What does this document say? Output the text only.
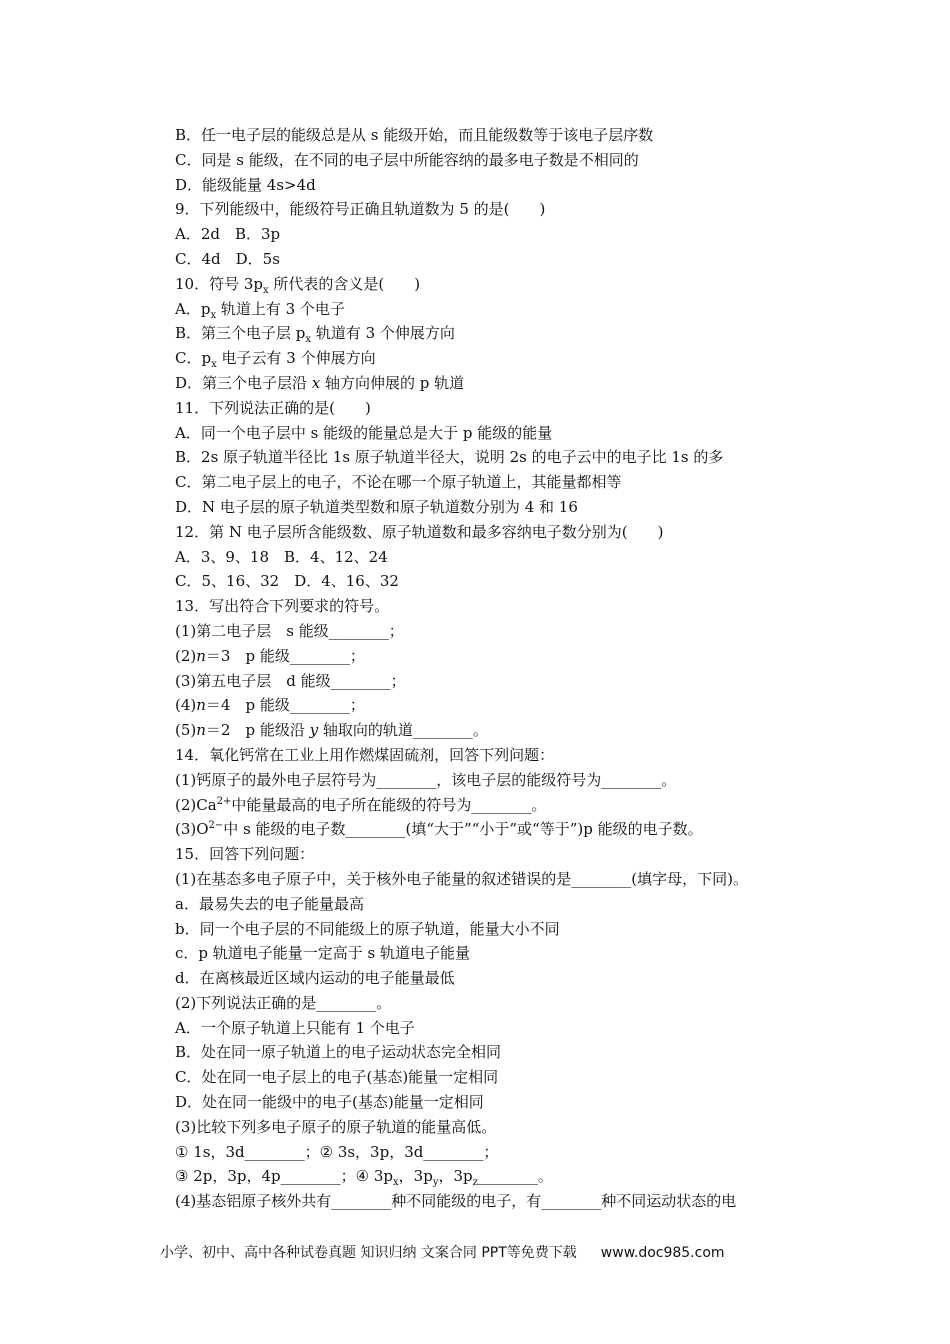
B．任一电子层的能级总是从 s 能级开始，而且能级数等于该电子层序数
C．同是 s 能级，在不同的电子层中所能容纳的最多电子数是不相同的
D．能级能量 4s>4d
9．下列能级中，能级符号正确且轨道数为 5 的是(　　)
A．2d　B．3p
C．4d　D．5s
10．符号 $3p_x$ 所代表的含义是(　　)
A．$p_x$ 轨道上有 3 个电子
B．第三个电子层 $p_x$ 轨道有 3 个伸展方向
C．$p_x$ 电子云有 3 个伸展方向
D．第三个电子层沿 x 轴方向伸展的 p 轨道
11．下列说法正确的是(　　)
A．同一个电子层中 s 能级的能量总是大于 p 能级的能量
B．2s 原子轨道半径比 1s 原子轨道半径大，说明 2s 的电子云中的电子比 1s 的多
C．第二电子层上的电子，不论在哪一个原子轨道上，其能量都相等
D．N 电子层的原子轨道类型数和原子轨道数分别为 4 和 16
12．第 N 电子层所含能级数、原子轨道数和最多容纳电子数分别为(　　)
A．3、9、18　B．4、12、24
C．5、16、32　D．4、16、32
13．写出符合下列要求的符号。
(1)第二电子层　s 能级________；
(2)n＝3　p 能级________；
(3)第五电子层　d 能级________；
(4)n＝4　p 能级________；
(5)n＝2　p 能级沿 y 轴取向的轨道________。
14．氧化钙常在工业上用作燃煤固硫剂，回答下列问题：
(1)钙原子的最外电子层符号为________，该电子层的能级符号为________。
$(2)Ca^{2+}$中能量最高的电子所在能级的符号为________。
$(3)O^{2-}$中 s 能级的电子数________(填“大于”“小于”或“等于”)p 能级的电子数。
15．回答下列问题：
(1)在基态多电子原子中，关于核外电子能量的叙述错误的是________(填字母，下同)。
a．最易失去的电子能量最高
b．同一个电子层的不同能级上的原子轨道，能量大小不同
c．p 轨道电子能量一定高于 s 轨道电子能量
d．在离核最近区域内运动的电子能量最低
(2)下列说法正确的是________。
A．一个原子轨道上只能有 1 个电子
B．处在同一原子轨道上的电子运动状态完全相同
C．处在同一电子层上的电子(基态)能量一定相同
D．处在同一能级中的电子(基态)能量一定相同
(3)比较下列多电子原子的原子轨道的能量高低。
① 1s，3d________；② 3s，3p，3d________；
③ 2p，3p，4p________；④ $3p_x$，$3p_y$，$3p_z\_\_\_\_\_\_\_\_$。
(4)基态铝原子核外共有________种不同能级的电子，有________种不同运动状态的电
小学、初中、高中各种试卷真题 知识归纳 文案合同 PPT等免费下载 www.doc985.com
